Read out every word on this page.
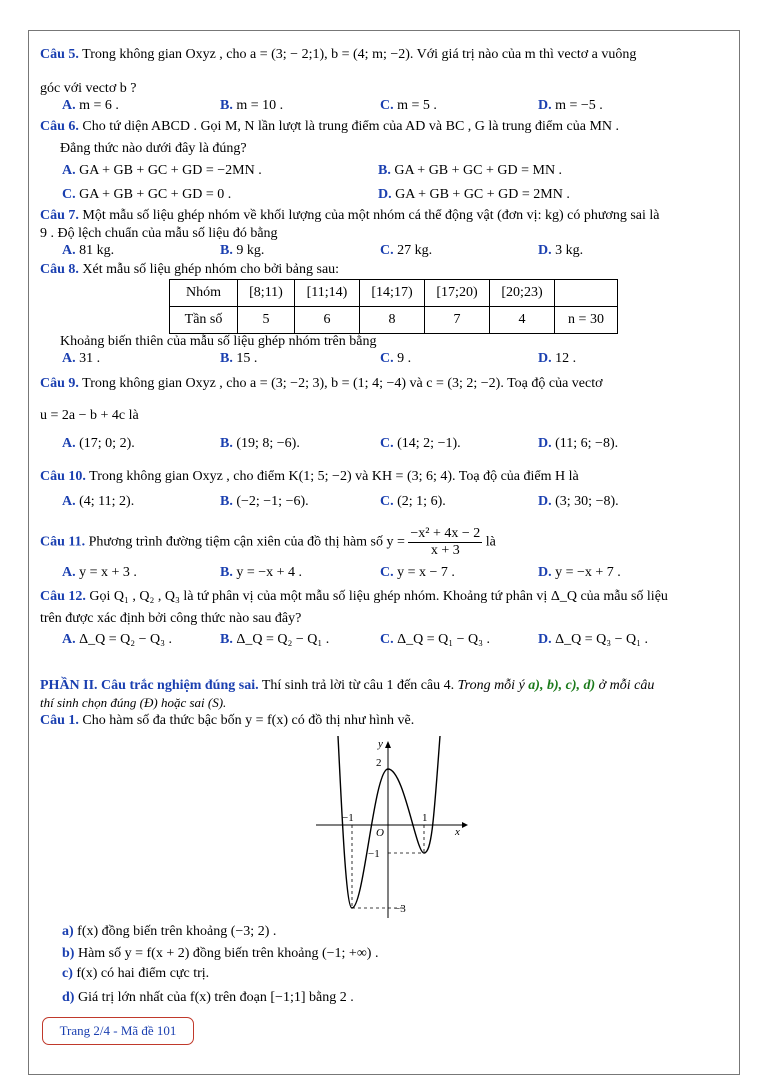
Câu 5. Trong không gian Oxyz , cho a = (3; − 2;1), b = (4; m; −2). Với giá trị nào của m thì vectơ a vuông
góc với vectơ b ?
A. m = 6 .	B. m = 10 .	C. m = 5 .	D. m = −5 .
Câu 6. Cho tứ diện ABCD . Gọi M, N lần lượt là trung điểm của AD và BC , G là trung điểm của MN .
Đẳng thức nào dưới đây là đúng?
A. GA + GB + GC + GD = −2MN .	B. GA + GB + GC + GD = MN .
C. GA + GB + GC + GD = 0 .	D. GA + GB + GC + GD = 2MN .
Câu 7. Một mẫu số liệu ghép nhóm về khối lượng của một nhóm cá thể động vật (đơn vị: kg) có phương sai là
9 . Độ lệch chuẩn của mẫu số liệu đó bằng
A. 81 kg.	B. 9 kg.	C. 27 kg.	D. 3 kg.
Câu 8. Xét mẫu số liệu ghép nhóm cho bởi bảng sau:
Nhóm	[8;11)	[11;14)	[14;17)	[17;20)	[20;23)	
Tần số	5	6	8	7	4	n = 30
Khoảng biến thiên của mẫu số liệu ghép nhóm trên bằng
A. 31 .	B. 15 .	C. 9 .	D. 12 .
Câu 9. Trong không gian Oxyz , cho a = (3; −2; 3), b = (1; 4; −4) và c = (3; 2; −2). Toạ độ của vectơ
u = 2a − b + 4c là
A. (17; 0; 2).	B. (19; 8; −6).	C. (14; 2; −1).	D. (11; 6; −8).
Câu 10. Trong không gian Oxyz , cho điểm K(1; 5; −2) và KH = (3; 6; 4). Toạ độ của điểm H là
A. (4; 11; 2).	B. (−2; −1; −6).	C. (2; 1; 6).	D. (3; 30; −8).
Câu 11. Phương trình đường tiệm cận xiên của đồ thị hàm số $y = \frac{\text{−x² + 4x − 2}}{x + 3}$ là
A. y = x + 3 .	B. y = −x + 4 .	C. y = x − 7 .	D. y = −x + 7 .
Câu 12. Gọi Q₁ , Q₂ , Q₃ là tứ phân vị của một mẫu số liệu ghép nhóm. Khoảng tứ phân vị Δ_Q của mẫu số liệu
trên được xác định bởi công thức nào sau đây?
A. Δ_Q = Q₂ − Q₃ .	B. Δ_Q = Q₂ − Q₁ .	C. Δ_Q = Q₁ − Q₃ .	D. Δ_Q = Q₃ − Q₁ .
PHẦN II. Câu trắc nghiệm đúng sai. Thí sinh trả lời từ câu 1 đến câu 4. Trong mỗi ý a), b), c), d) ở mỗi câu
thí sinh chọn đúng (Đ) hoặc sai (S).
Câu 1. Cho hàm số đa thức bậc bốn y = f(x) có đồ thị như hình vẽ.
y
x
O
2
−1	1
−1
−3
a) f(x) đồng biến trên khoảng (−3; 2) .
b) Hàm số y = f(x + 2) đồng biến trên khoảng (−1; +∞) .
c) f(x) có hai điểm cực trị.
d) Giá trị lớn nhất của f(x) trên đoạn [−1;1] bằng 2 .
Trang 2/4 - Mã đề 101
